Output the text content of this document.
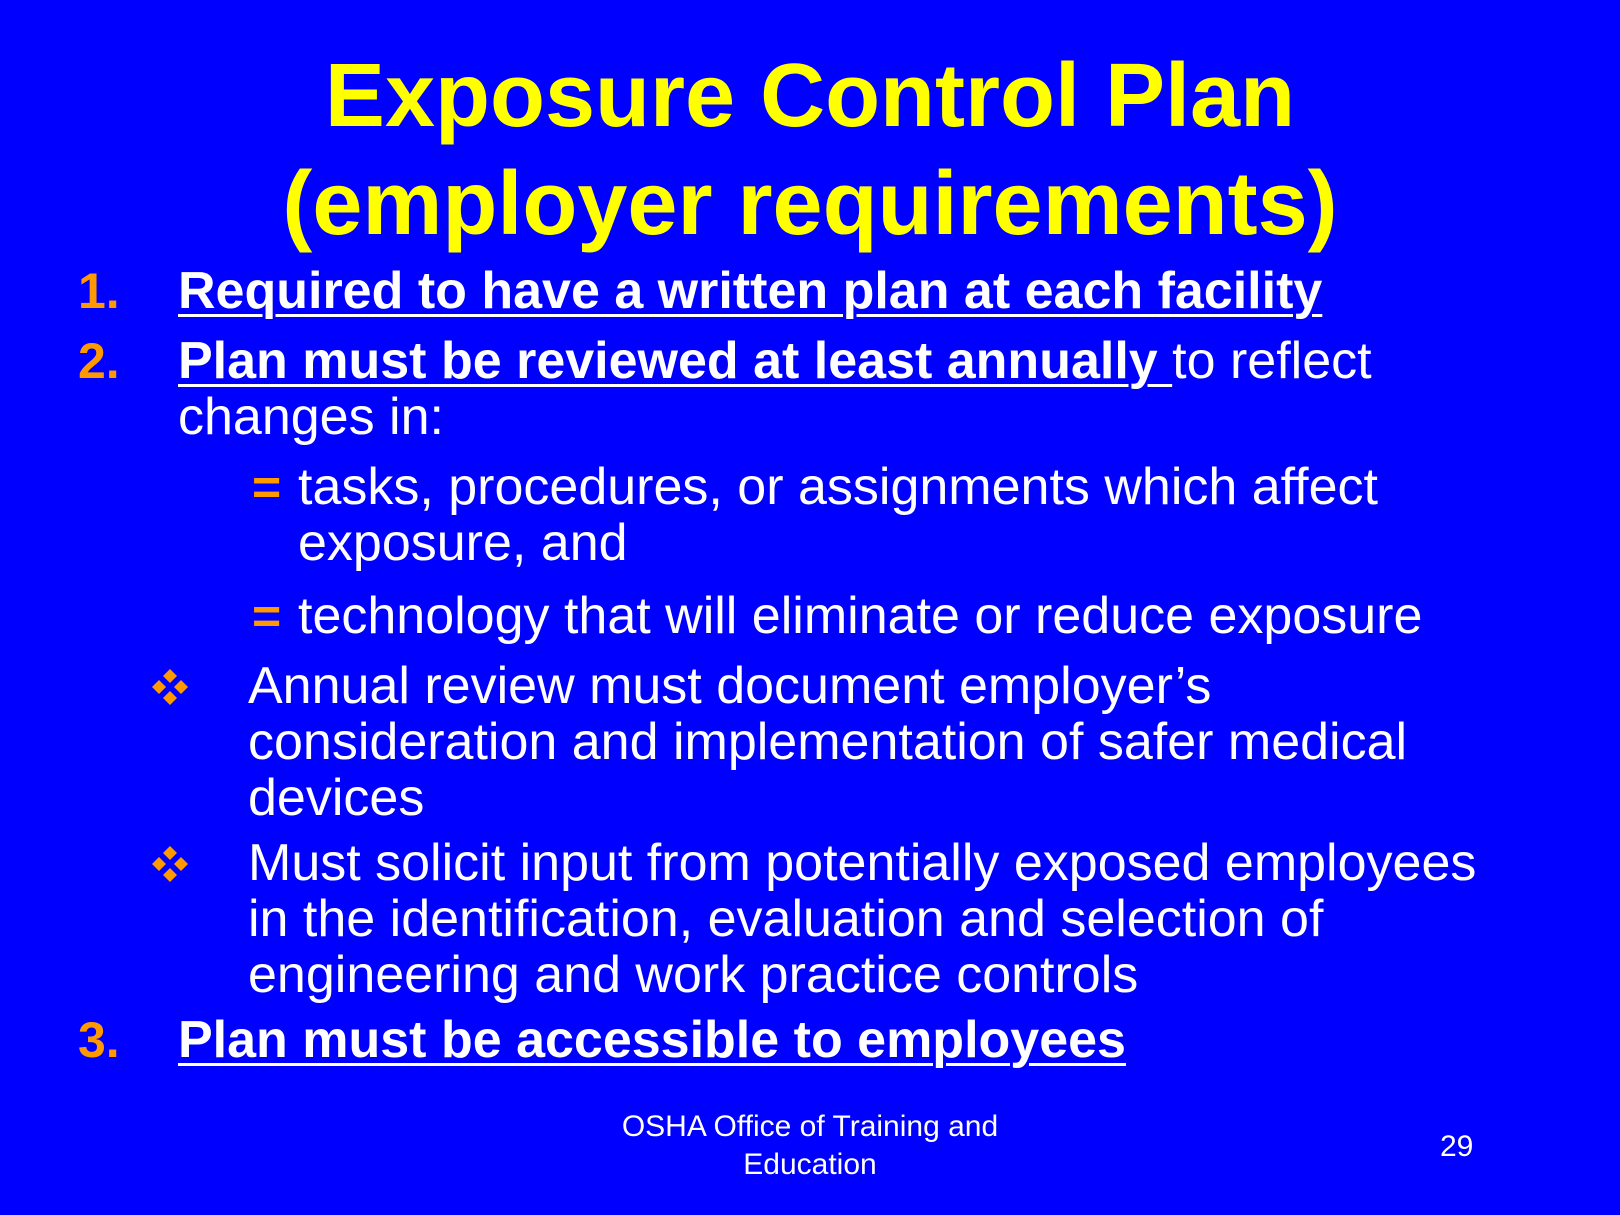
Exposure Control Plan
(employer requirements)
1. Required to have a written plan at each facility
2. Plan must be reviewed at least annually to reflect
changes in:
= tasks, procedures, or assignments which affect
exposure, and
= technology that will eliminate or reduce exposure
Annual review must document employer’s
consideration and implementation of safer medical
devices
Must solicit input from potentially exposed employees
in the identification, evaluation and selection of
engineering and work practice controls
3. Plan must be accessible to employees
OSHA Office of Training and
Education
29
